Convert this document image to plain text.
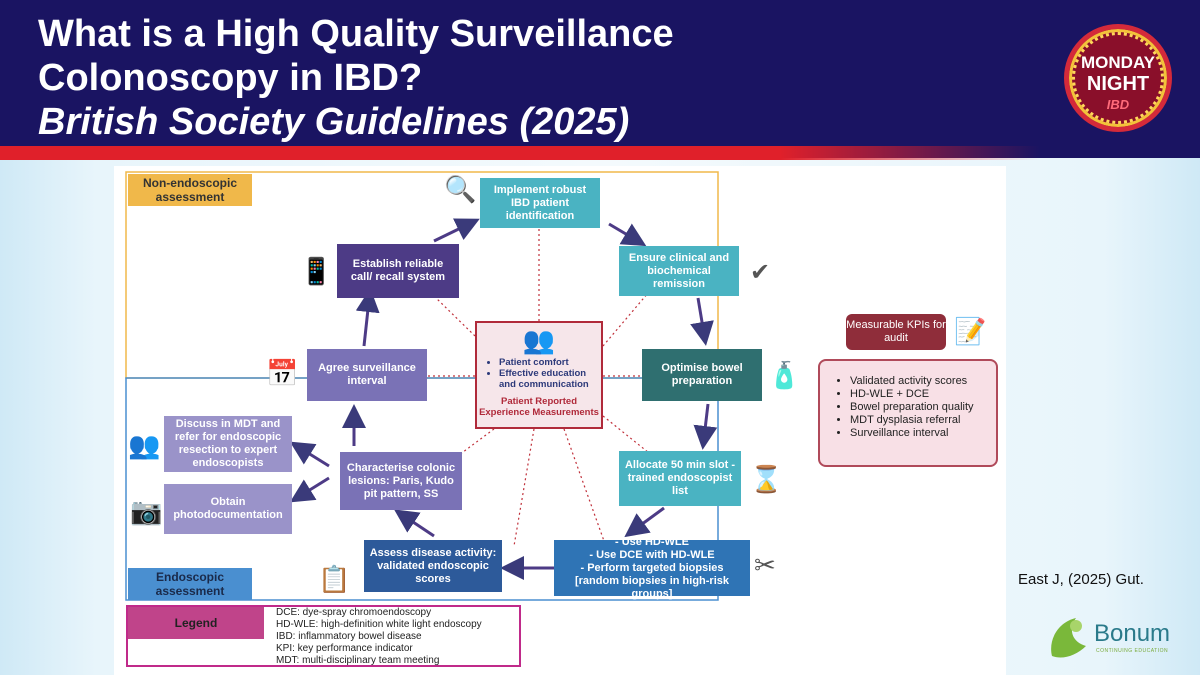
What is a High Quality Surveillance
Colonoscopy in IBD?
British Society Guidelines (2025)
MONDAY
NIGHT
IBD
Non-endoscopic assessment
Endoscopic assessment
Implement robust IBD patient identification
Ensure clinical and biochemical remission
Optimise bowel preparation
Allocate 50 min slot - trained endoscopist list
- Use HD-WLE
- Use DCE with HD-WLE
- Perform targeted biopsies
[random biopsies in high-risk groups]
Assess disease activity: validated endoscopic scores
Characterise colonic lesions: Paris, Kudo pit pattern, SS
Agree surveillance interval
Establish reliable call/ recall system
Discuss in MDT and refer for endoscopic resection to expert endoscopists
Obtain photodocumentation
👥
• Patient comfort
• Effective education and communication
Patient Reported Experience Measurements
🔍
✔
🧴
⌛
✂
📋
📅
📱
👥
📷
Measurable KPIs for audit	📝
• Validated activity scores
• HD-WLE + DCE
• Bowel preparation quality
• MDT dysplasia referral
• Surveillance interval
Legend
DCE: dye-spray chromoendoscopy
HD-WLE: high-definition white light endoscopy
IBD: inflammatory bowel disease
KPI: key performance indicator
MDT: multi-disciplinary team meeting
East J, (2025) Gut.
Bonum
CONTINUING EDUCATION
